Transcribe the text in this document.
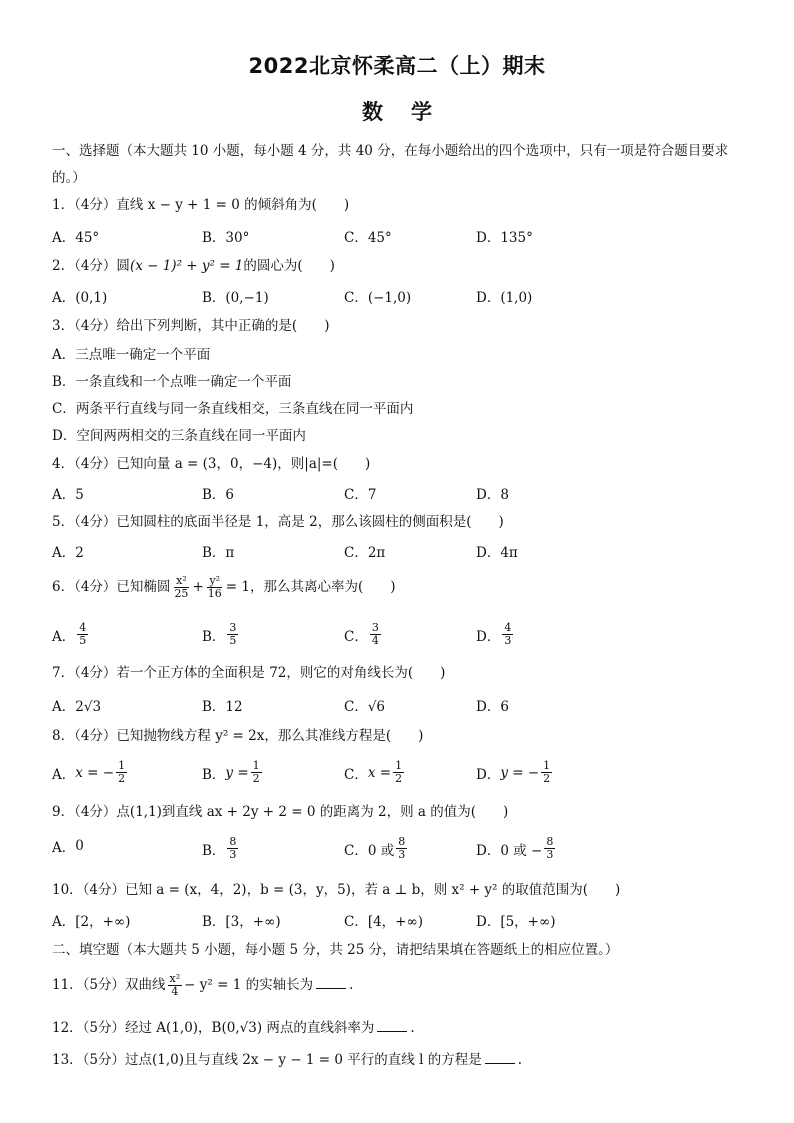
2022北京怀柔高二（上）期末
数学
一、选择题（本大题共 10 小题，每小题 4 分，共 40 分，在每小题给出的四个选项中，只有一项是符合题目要求的。）
1．（4分）直线 x − y + 1 = 0 的倾斜角为(　　)
A．45°	B．30°	C．45°	D．135°
2．（4分）圆(x − 1)² + y² = 1的圆心为(　　)
A．(0,1)	B．(0,−1)	C．(−1,0)	D．(1,0)
3．（4分）给出下列判断，其中正确的是(　　)
A．三点唯一确定一个平面
B．一条直线和一个点唯一确定一个平面
C．两条平行直线与同一条直线相交，三条直线在同一平面内
D．空间两两相交的三条直线在同一平面内
4．（4分）已知向量 a = (3，0，−4)，则|a|=(　　)
A．5	B．6	C．7	D．8
5．（4分）已知圆柱的底面半径是 1，高是 2，那么该圆柱的侧面积是(　　)
A．2	B．π	C．2π	D．4π
6．（4分）已知椭圆 $\frac{\text{x²}}{25} + \frac{\text{y²}}{16} = 1$，那么其离心率为(　　)
A． $\frac{4}{5}$	B． $\frac{3}{5}$	C． $\frac{3}{4}$	D． $\frac{4}{3}$
7．（4分）若一个正方体的全面积是 72，则它的对角线长为(　　)
A．2√3	B．12	C．√6	D．6
8．（4分）已知抛物线方程 y² = 2x，那么其准线方程是(　　)
A． x = − $\frac{1}{2}$	B． $y = \frac{1}{2}$	C． $x = \frac{1}{2}$	D． y = − $\frac{1}{2}$
9．（4分）点(1,1)到直线 ax + 2y + 2 = 0 的距离为 2，则 a 的值为(　　)
A． 0	B． $\frac{8}{3}$	C． 0 或 $\frac{8}{3}$	D． 0 或 − $\frac{8}{3}$
10．（4分）已知 a = (x，4，2)，b = (3，y，5)，若 a ⊥ b，则 x² + y² 的取值范围为(　　)
A．[2，+∞)	B．[3，+∞)	C．[4，+∞)	D．[5，+∞)
二、填空题（本大题共 5 小题，每小题 5 分，共 25 分，请把结果填在答题纸上的相应位置。）
11．（5分）双曲线 $\frac{\text{x²}}{4} - y^2 = 1$ 的实轴长为	.
12．（5分）经过 A(1,0)，B(0,√3) 两点的直线斜率为	.
13．（5分）过点(1,0)且与直线 2x − y − 1 = 0 平行的直线 l 的方程是	.
